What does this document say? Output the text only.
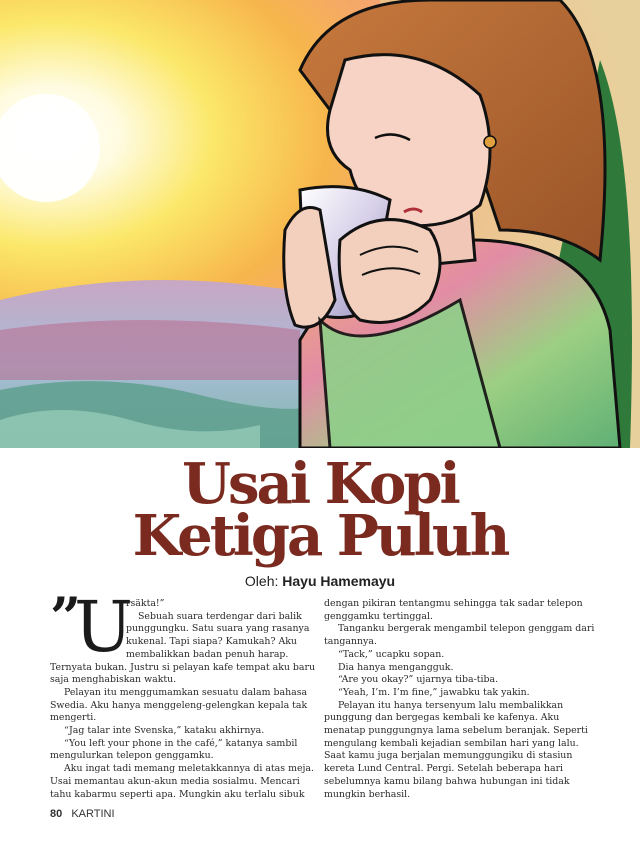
Usai Kopi
Ketiga Puluh
Oleh: Hayu Hamemayu
”
U

rsäkta!”

Sebuah suara terdengar dari balik

punggungku. Satu suara yang rasanya

kukenal. Tapi siapa? Kamukah? Aku

membalikkan badan penuh harap.

Ternyata bukan. Justru si pelayan kafe tempat aku baru

saja menghabiskan waktu.

Pelayan itu menggumamkan sesuatu dalam bahasa

Swedia. Aku hanya menggeleng-gelengkan kepala tak

mengerti.

“Jag talar inte Svenska,” kataku akhirnya.

“You left your phone in the café,” katanya sambil

mengulurkan telepon genggamku.

Aku ingat tadi memang meletakkannya di atas meja.

Usai memantau akun-akun media sosialmu. Mencari

tahu kabarmu seperti apa. Mungkin aku terlalu sibuk

dengan pikiran tentangmu sehingga tak sadar telepon

genggamku tertinggal.

Tanganku bergerak mengambil telepon genggam dari

tangannya.

“Tack,” ucapku sopan.

Dia hanya mengangguk.

“Are you okay?” ujarnya tiba-tiba.

“Yeah, I’m. I’m fine,” jawabku tak yakin.

Pelayan itu hanya tersenyum lalu membalikkan

punggung dan bergegas kembali ke kafenya. Aku

menatap punggungnya lama sebelum beranjak. Seperti

mengulang kembali kejadian sembilan hari yang lalu.

Saat kamu juga berjalan memunggungiku di stasiun

kereta Lund Central. Pergi. Setelah beberapa hari

sebelumnya kamu bilang bahwa hubungan ini tidak

mungkin berhasil.

80 KARTINI
